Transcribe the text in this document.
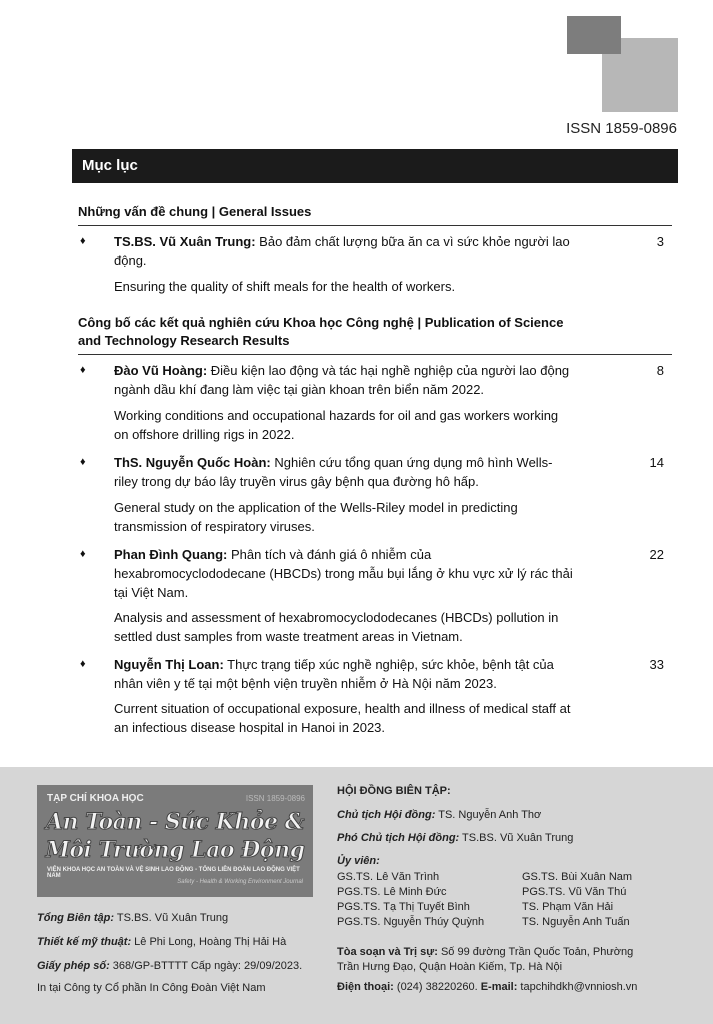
ISSN 1859-0896
Mục lục
Những vấn đề chung | General Issues
♦ TS.BS. Vũ Xuân Trung: Bảo đảm chất lượng bữa ăn ca vì sức khỏe người lao
động.
Ensuring the quality of shift meals for the health of workers.
3
Công bố các kết quả nghiên cứu Khoa học Công nghệ | Publication of Science
and Technology Research Results
♦ Đào Vũ Hoàng: Điều kiện lao động và tác hại nghề nghiệp của người lao động
ngành dầu khí đang làm việc tại giàn khoan trên biển năm 2022.
Working conditions and occupational hazards for oil and gas workers working
on offshore drilling rigs in 2022.
8
♦ ThS. Nguyễn Quốc Hoàn: Nghiên cứu tổng quan ứng dụng mô hình Wells-
riley trong dự báo lây truyền virus gây bệnh qua đường hô hấp.
General study on the application of the Wells-Riley model in predicting
transmission of respiratory viruses.
14
♦ Phan Đình Quang: Phân tích và đánh giá ô nhiễm của
hexabromocyclododecane (HBCDs) trong mẫu bụi lắng ở khu vực xử lý rác thải
tại Việt Nam.
Analysis and assessment of hexabromocyclododecanes (HBCDs) pollution in
settled dust samples from waste treatment areas in Vietnam.
22
♦ Nguyễn Thị Loan: Thực trạng tiếp xúc nghề nghiệp, sức khỏe, bệnh tật của
nhân viên y tế tại một bệnh viện truyền nhiễm ở Hà Nội năm 2023.
Current situation of occupational exposure, health and illness of medical staff at
an infectious disease hospital in Hanoi in 2023.
33
TẠP CHÍ KHOA HỌC	ISSN 1859-0896
An Toàn - Sức Khỏe &
Môi Trường Lao Động
VIỆN KHOA HỌC AN TOÀN VÀ VỆ SINH LAO ĐỘNG - TỔNG LIÊN ĐOÀN LAO ĐỘNG VIỆT NAM
Safety - Health & Working Environment Journal
Tổng Biên tập: TS.BS. Vũ Xuân Trung
Thiết kế mỹ thuật: Lê Phi Long, Hoàng Thị Hải Hà
Giấy phép số: 368/GP-BTTTT Cấp ngày: 29/09/2023.
In tại Công ty Cổ phần In Công Đoàn Việt Nam
HỘI ĐỒNG BIÊN TẬP:
Chủ tịch Hội đồng: TS. Nguyễn Anh Thơ
Phó Chủ tịch Hội đồng: TS.BS. Vũ Xuân Trung
Ủy viên:
GS.TS. Lê Văn Trình
PGS.TS. Lê Minh Đức
PGS.TS. Tạ Thị Tuyết Bình
PGS.TS. Nguyễn Thúy Quỳnh
GS.TS. Bùi Xuân Nam
PGS.TS. Vũ Văn Thú
TS. Phạm Văn Hải
TS. Nguyễn Anh Tuấn
Tòa soạn và Trị sự: Số 99 đường Trần Quốc Toản, Phường
Trần Hưng Đạo, Quận Hoàn Kiếm, Tp. Hà Nội
Điện thoại: (024) 38220260. E-mail: tapchihdkh@vnniosh.vn
